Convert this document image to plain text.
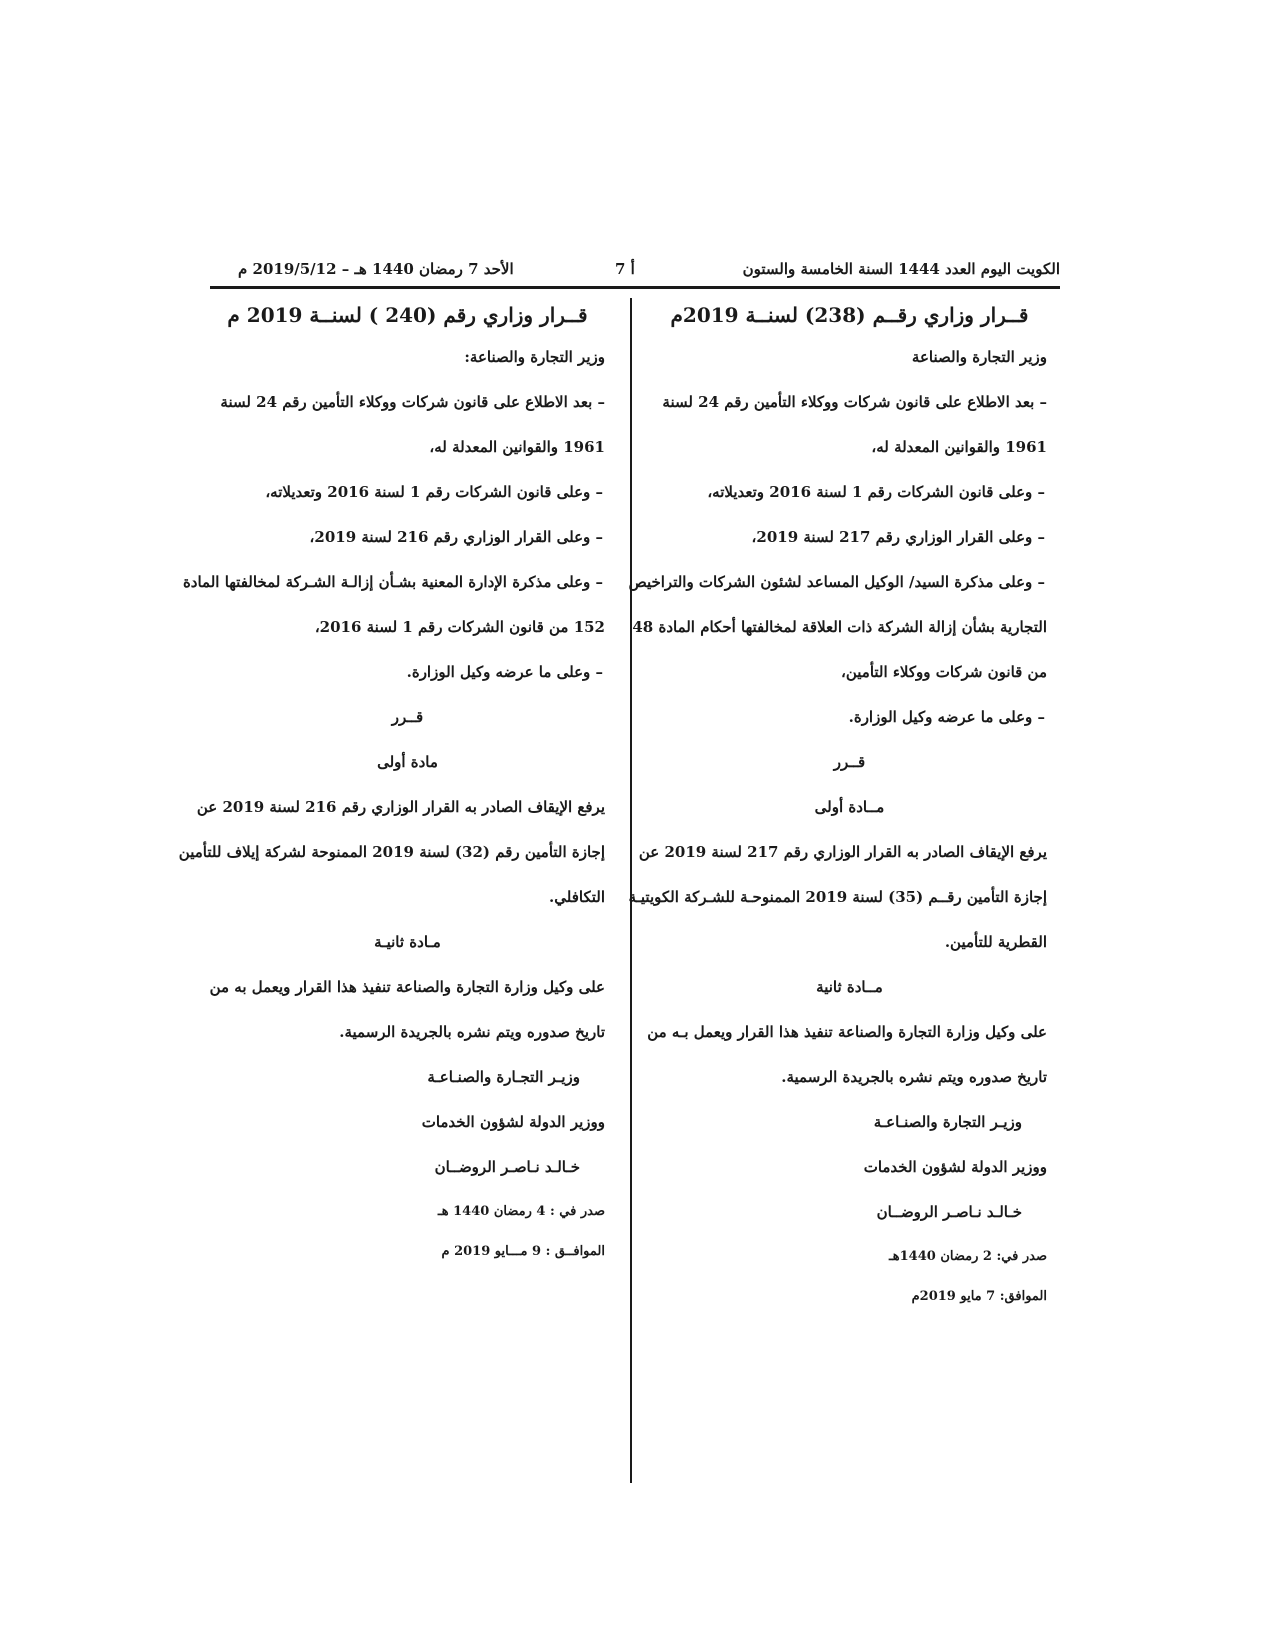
الكويت اليوم العدد 1444 السنة الخامسة والستون
أ 7
الأحد 7 رمضان 1440 هـ – 2019/5/12 م
قــرار وزاري رقــم (238) لسنــة 2019م
وزير التجارة والصناعة
– بعد الاطلاع على قانون شركات ووكلاء التأمين رقم 24 لسنة
1961 والقوانين المعدلة له،
– وعلى قانون الشركات رقم 1 لسنة 2016 وتعديلاته،
– وعلى القرار الوزاري رقم 217 لسنة 2019،
– وعلى مذكرة السيد/ الوكيل المساعد لشئون الشركات والتراخيص
التجارية بشأن إزالة الشركة ذات العلاقة لمخالفتها أحكام المادة 48
من قانون شركات ووكلاء التأمين،
– وعلى ما عرضه وكيل الوزارة.
قــرر
مــادة أولى
يرفع الإيقاف الصادر به القرار الوزاري رقم 217 لسنة 2019 عن
إجازة التأمين رقــم (35) لسنة 2019 الممنوحـة للشـركة الكويتيـة
القطرية للتأمين.
مــادة ثانية
على وكيل وزارة التجارة والصناعة تنفيذ هذا القرار ويعمل بـه من
تاريخ صدوره ويتم نشره بالجريدة الرسمية.
وزيـر التجارة والصنـاعـة
ووزير الدولة لشؤون الخدمات
خـالـد نـاصـر الروضــان
صدر في: 2 رمضان 1440هـ
الموافق: 7 مايو 2019م
قــرار وزاري رقم (240 ) لسنــة 2019 م
وزير التجارة والصناعة:
– بعد الاطلاع على قانون شركات ووكلاء التأمين رقم 24 لسنة
1961 والقوانين المعدلة له،
– وعلى قانون الشركات رقم 1 لسنة 2016 وتعديلاته،
– وعلى القرار الوزاري رقم 216 لسنة 2019،
– وعلى مذكرة الإدارة المعنية بشـأن إزالـة الشـركة لمخالفتها المادة
152 من قانون الشركات رقم 1 لسنة 2016،
– وعلى ما عرضه وكيل الوزارة.
قــرر
مادة أولى
يرفع الإيقاف الصادر به القرار الوزاري رقم 216 لسنة 2019 عن
إجازة التأمين رقم (32) لسنة 2019 الممنوحة لشركة إيلاف للتأمين
التكافلي.
مـادة ثانيـة
على وكيل وزارة التجارة والصناعة تنفيذ هذا القرار ويعمل به من
تاريخ صدوره ويتم نشره بالجريدة الرسمية.
وزيـر التجـارة والصنـاعـة
ووزير الدولة لشؤون الخدمات
خـالـد نـاصـر الروضــان
صدر في : 4 رمضان 1440 هـ
الموافــق : 9 مـــايو 2019 م
